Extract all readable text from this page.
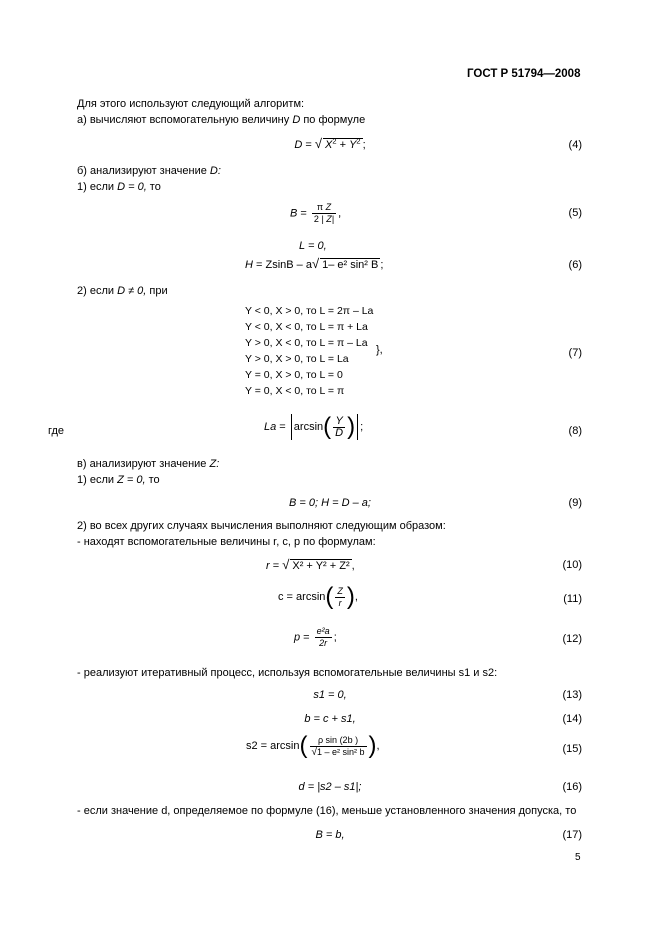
ГОСТ Р 51794—2008
Для этого используют следующий алгоритм:
а) вычисляют вспомогательную величину D по формуле
D = √ $X^2 + Y^2$ ;	(4)
б) анализируют значение D:
1) если D = 0, то
$B = \frac{\text{π Z}}{2 | Z|}$ ,	(5)
L = 0,
H = ZsinB – a√ 1– e² sin² B ;	(6)
2) если D ≠ 0, при
Y < 0, X > 0, то L = 2π – La
Y < 0, X < 0, то L = π + La
Y > 0, X < 0, то L = π – La
Y > 0, X > 0, то L = La
Y = 0, X > 0, то L = 0
Y = 0, X < 0, то L = π
},	(7)
где	$La = \arcsin( \frac{Y}{D}$ ) ;	(8)
в) анализируют значение Z:
1) если Z = 0, то
B = 0; H = D – a;	(9)
2) во всех других случаях вычисления выполняют следующим образом:
- находят вспомогательные величины r, c, p по формулам:
r = √ X² + Y² + Z² ,	(10)
$c = \arcsin( \frac{Z}{r}$ ),	(11)
$p = \frac{\text{e²a}}{2r}$ ;	(12)
- реализуют итеративный процесс, используя вспомогательные величины s1 и s2:
s1 = 0,	(13)
b = c + s1,	(14)
$s2 = \arcsin( \frac{\text{ρ sin (2b )}}{\text{√1 – e² sin² b}}$ ),	(15)
d = |s2 – s1|;	(16)
- если значение d, определяемое по формуле (16), меньше установленного значения допуска, то
B = b,	(17)
5
